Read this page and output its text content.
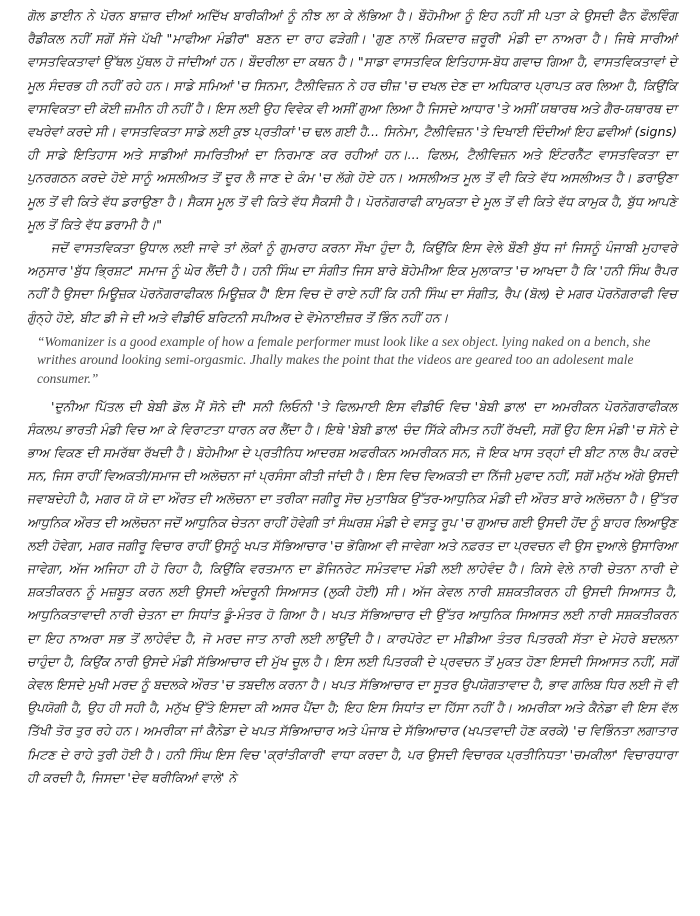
ਗੋਲ ਡਾਈਨ ਨੇ ਪੋਰਨ ਬਾਜ਼ਾਰ ਦੀਆਂ ਅਦਿੱਖ ਬਾਰੀਕੀਆਂ ਨੂੰ ਨੀਝ ਲਾ ਕੇ ਲੱਭਿਆ ਹੈ। ਬੌਹੋਮੀਆ ਨੂੰ ਇਹ ਨਹੀਂ ਸੀ ਪਤਾ ਕੇ ਉਸਦੀ ਫੈਨ ਫੌਲਵਿੰਗ ਰੈਡੀਕਲ ਨਹੀਂ ਸਗੋਂ ਸੱਜੇ ਪੱਖੀ "ਮਾਫੀਆ ਮੰਡੀਰ" ਬਣਨ ਦਾ ਰਾਹ ਫੜੇਗੀ। 'ਗੁਣ ਨਾਲੋਂ ਮਿਕਦਾਰ ਜ਼ਰੂਰੀ' ਮੰਡੀ ਦਾ ਨਾਅਰਾ ਹੈ। ਜਿਥੇ ਸਾਰੀਆਂ ਵਾਸਤਵਿਕਤਾਵਾਂ ਉੱਥਲ ਪੁੱਥਲ ਹੋ ਜਾਂਦੀਆਂ ਹਨ। ਬੌਦਰੀਲਾ ਦਾ ਕਥਨ ਹੈ। "ਸਾਡਾ ਵਾਸਤਵਿਕ ਇਤਿਹਾਸ-ਬੋਧ ਗਵਾਚ ਗਿਆ ਹੈ, ਵਾਸਤਵਿਕਤਾਵਾਂ ਦੇ ਮੂਲ ਸੰਦਰਭ ਹੀ ਨਹੀਂ ਰਹੇ ਹਨ। ਸਾਡੇ ਸਮਿਆਂ 'ਚ ਸਿਨਮਾ, ਟੈਲੀਵਿਜ਼ਨ ਨੇ ਹਰ ਚੀਜ਼ 'ਚ ਦਖਲ ਦੇਣ ਦਾ ਅਧਿਕਾਰ ਪ੍ਰਾਪਤ ਕਰ ਲਿਆ ਹੈ, ਕਿਉਂਕਿ ਵਾਸਵਿਕਤਾ ਦੀ ਕੋਈ ਜ਼ਮੀਨ ਹੀ ਨਹੀਂ ਹੈ। ਇਸ ਲਈ ਉਹ ਵਿਵੇਕ ਵੀ ਅਸੀਂ ਗੁਆ ਲਿਆ ਹੈ ਜਿਸਦੇ ਆਧਾਰ 'ਤੇ ਅਸੀਂ ਯਥਾਰਥ ਅਤੇ ਗੈਰ-ਯਥਾਰਥ ਦਾ ਵਖਰੇਵਾਂ ਕਰਦੇ ਸੀ। ਵਾਸਤਵਿਕਤਾ ਸਾਡੇ ਲਈ ਕੁਝ ਪ੍ਰਤੀਕਾਂ 'ਚ ਢਲ ਗਈ ਹੈ... ਸਿਨੇਮਾ, ਟੈਲੀਵਿਜ਼ਨ 'ਤੇ ਦਿਖਾਈ ਦਿੰਦੀਆਂ ਇਹ ਛਵੀਆਂ (signs) ਹੀ ਸਾਡੇ ਇਤਿਹਾਸ ਅਤੇ ਸਾਡੀਆਂ ਸਮਰਿਤੀਆਂ ਦਾ ਨਿਰਮਾਣ ਕਰ ਰਹੀਆਂ ਹਨ।... ਫਿਲਮ, ਟੈਲੀਵਿਜ਼ਨ ਅਤੇ ਇੰਟਰਨੈੱਟ ਵਾਸਤਵਿਕਤਾ ਦਾ ਪੁਨਰਗਠਨ ਕਰਦੇ ਹੋਏ ਸਾਨੂੰ ਅਸਲੀਅਤ ਤੋਂ ਦੂਰ ਲੈ ਜਾਣ ਦੇ ਕੰਮ 'ਚ ਲੱਗੇ ਹੋਏ ਹਨ। ਅਸਲੀਅਤ ਮੂਲ ਤੋਂ ਵੀ ਕਿਤੇ ਵੱਧ ਅਸਲੀਅਤ ਹੈ। ਡਰਾਉਣਾ ਮੂਲ ਤੋਂ ਵੀ ਕਿਤੇ ਵੱਧ ਡਰਾਉਣਾ ਹੈ। ਸੈਕਸ ਮੂਲ ਤੋਂ ਵੀ ਕਿਤੇ ਵੱਧ ਸੈਕਸੀ ਹੈ। ਪੋਰਨੋਗਰਾਫੀ ਕਾਮੁਕਤਾ ਦੇ ਮੂਲ ਤੋਂ ਵੀ ਕਿਤੇ ਵੱਧ ਕਾਮੁਕ ਹੈ, ਬੁੱਧ ਆਪਣੇ ਮੂਲ ਤੋਂ ਕਿਤੇ ਵੱਧ ਡਰਾਮੀ ਹੈ।"

ਜਦੋਂ ਵਾਸਤਵਿਕਤਾ ਉਧਾਲ ਲਈ ਜਾਵੇ ਤਾਂ ਲੋਕਾਂ ਨੂੰ ਗੁਮਰਾਹ ਕਰਨਾ ਸੌਖਾ ਹੁੰਦਾ ਹੈ, ਕਿਉਂਕਿ ਇਸ ਵੇਲੇ ਬੌਣੀ ਬੁੱਧ ਜਾਂ ਜਿਸਨੂੰ ਪੰਜਾਬੀ ਮੁਹਾਵਰੇ ਅਨੁਸਾਰ 'ਬੁੱਧ ਭ੍ਰਿਸ਼ਟ' ਸਮਾਜ ਨੂੰ ਘੇਰ ਲੈਂਦੀ ਹੈ। ਹਨੀ ਸਿੰਘ ਦਾ ਸੰਗੀਤ ਜਿਸ ਬਾਰੇ ਬੋਹੇਮੀਆ ਇਕ ਮੁਲਾਕਾਤ 'ਚ ਆਖਦਾ ਹੈ ਕਿ 'ਹਨੀ ਸਿੰਘ ਰੈਪਰ ਨਹੀਂ ਹੈ ਉਸਦਾ ਮਿਊਜ਼ਕ ਪੋਰਨੋਗਰਾਫੀਕਲ ਮਿਊਜ਼ਕ ਹੈ' ਇਸ ਵਿਚ ਦੋ ਰਾਏ ਨਹੀਂ ਕਿ ਹਨੀ ਸਿੰਘ ਦਾ ਸੰਗੀਤ, ਰੈਪ (ਬੋਲ) ਦੇ ਮਗਰ ਪੋਰਨੋਗਰਾਫੀ ਵਿਚ ਗੁੰਨ੍ਹੇ ਹੋਏ, ਬੀਟ ਡੀ ਜੇ ਦੀ ਅਤੇ ਵੀਡੀਓ ਬਰਿਟਨੀ ਸਪੀਅਰ ਦੇ ਵੋਮੇਨਾਈਜ਼ਰ ਤੋਂ ਭਿੰਨ ਨਹੀਂ ਹਨ।

“Womanizer is a good example of how a female performer must look like a sex object. lying naked on a bench, she writhes around looking semi-orgasmic. Jhally makes the point that the videos are geared too an adolesent male consumer.”

'ਦੁਨੀਆ ਪਿੱਤਲ ਦੀ ਬੇਬੀ ਡੋਲ ਮੈਂ ਸੋਨੇ ਦੀ' ਸਨੀ ਲਿਓਨੀ 'ਤੇ ਫਿਲਮਾਈ ਇਸ ਵੀਡੀਓ ਵਿਚ 'ਬੇਬੀ ਡਾਲ' ਦਾ ਅਮਰੀਕਨ ਪੋਰਨੋਗਰਾਫੀਕਲ ਸੰਕਲਪ ਭਾਰਤੀ ਮੰਡੀ ਵਿਚ ਆ ਕੇ ਵਿਰਾਟਤਾ ਧਾਰਨ ਕਰ ਲੈਂਦਾ ਹੈ। ਇਥੇ 'ਬੇਬੀ ਡਾਲ' ਚੰਦ ਸਿੱਕੇ ਕੀਮਤ ਨਹੀਂ ਰੱਖਦੀ, ਸਗੋਂ ਉਹ ਇਸ ਮੰਡੀ 'ਚ ਸੋਨੇ ਦੇ ਭਾਅ ਵਿਕਣ ਦੀ ਸਮਰੱਥਾ ਰੱਖਦੀ ਹੈ। ਬੋਹੇਮੀਆ ਦੇ ਪ੍ਰਤੀਨਿਧ ਆਦਰਸ਼ ਅਫਰੀਕਨ ਅਮਰੀਕਨ ਸਨ, ਜੋ ਇਕ ਖਾਸ ਤਰ੍ਹਾਂ ਦੀ ਬੀਟ ਨਾਲ ਰੈਪ ਕਰਦੇ ਸਨ, ਜਿਸ ਰਾਹੀਂ ਵਿਅਕਤੀ/ਸਮਾਜ ਦੀ ਅਲੋਚਨਾ ਜਾਂ ਪ੍ਰਸੰਸਾ ਕੀਤੀ ਜਾਂਦੀ ਹੈ। ਇਸ ਵਿਚ ਵਿਅਕਤੀ ਦਾ ਨਿੱਜੀ ਮੁਫਾਦ ਨਹੀਂ, ਸਗੋਂ ਮਨੁੱਖ ਅੱਗੇ ਉਸਦੀ ਜਵਾਬਦੇਹੀ ਹੈ, ਮਗਰ ਯੋ ਯੋ ਦਾ ਔਰਤ ਦੀ ਅਲੋਚਨਾ ਦਾ ਤਰੀਕਾ ਜਗੀਰੂ ਸੋਚ ਮੁਤਾਬਿਕ ਉੱਤਰ-ਆਧੁਨਿਕ ਮੰਡੀ ਦੀ ਔਰਤ ਬਾਰੇ ਅਲੋਚਨਾ ਹੈ। ਉੱਤਰ ਆਧੁਨਿਕ ਔਰਤ ਦੀ ਅਲੋਚਨਾ ਜਦੋਂ ਆਧੁਨਿਕ ਚੇਤਨਾ ਰਾਹੀਂ ਹੋਵੇਗੀ ਤਾਂ ਸੰਘਰਸ਼ ਮੰਡੀ ਦੇ ਵਸਤੂ ਰੂਪ 'ਚ ਗੁਆਚ ਗਈ ਉਸਦੀ ਹੋਂਦ ਨੂੰ ਬਾਹਰ ਲਿਆਉਣ ਲਈ ਹੋਵੇਗਾ, ਮਗਰ ਜਗੀਰੂ ਵਿਚਾਰ ਰਾਹੀਂ ਉਸਨੂੰ ਖਪਤ ਸੱਭਿਆਚਾਰ 'ਚ ਭੋਗਿਆ ਵੀ ਜਾਵੇਗਾ ਅਤੇ ਨਫ਼ਰਤ ਦਾ ਪ੍ਰਵਚਨ ਵੀ ਉਸ ਦੁਆਲੇ ਉਸਾਰਿਆ ਜਾਵੇਗਾ, ਅੱਜ ਅਜਿਹਾ ਹੀ ਹੋ ਰਿਹਾ ਹੈ, ਕਿਉਂਕਿ ਵਰਤਮਾਨ ਦਾ ਡੋਜਿਨਰੇਟ ਸਮੰਤਵਾਦ ਮੰਡੀ ਲਈ ਲਾਹੇਵੰਦ ਹੈ। ਕਿਸੇ ਵੇਲੇ ਨਾਰੀ ਚੇਤਨਾ ਨਾਰੀ ਦੇ ਸ਼ਕਤੀਕਰਨ ਨੂੰ ਮਜ਼ਬੂਤ ਕਰਨ ਲਈ ਉਸਦੀ ਅੰਦਰੂਨੀ ਸਿਆਸਤ (ਲੁਕੀ ਹੋਈ) ਸੀ। ਅੱਜ ਕੇਵਲ ਨਾਰੀ ਸ਼ਸ਼ਕਤੀਕਰਨ ਹੀ ਉਸਦੀ ਸਿਆਸਤ ਹੈ, ਆਧੁਨਿਕਤਾਵਾਦੀ ਨਾਰੀ ਚੇਤਨਾ ਦਾ ਸਿਧਾਂਤ ਡੂੰ-ਮੰਤਰ ਹੋ ਗਿਆ ਹੈ। ਖਪਤ ਸੱਭਿਆਚਾਰ ਦੀ ਉੱਤਰ ਆਧੁਨਿਕ ਸਿਆਸਤ ਲਈ ਨਾਰੀ ਸਸ਼ਕਤੀਕਰਨ ਦਾ ਇਹ ਨਾਅਰਾ ਸਭ ਤੋਂ ਲਾਹੇਵੰਦ ਹੈ, ਜੋ ਮਰਦ ਜਾਤ ਨਾਰੀ ਲਈ ਲਾਉਂਦੀ ਹੈ। ਕਾਰਪੋਰੇਟ ਦਾ ਮੀਡੀਆ ਤੰਤਰ ਪਿਤਰਕੀ ਸੱਤਾ ਦੇ ਮੋਹਰੇ ਬਦਲਨਾ ਚਾਹੁੰਦਾ ਹੈ, ਕਿਉਂਕ ਨਾਰੀ ਉਸਦੇ ਮੰਡੀ ਸੱਭਿਆਚਾਰ ਦੀ ਮੁੱਖ ਚੂਲ ਹੈ। ਇਸ ਲਈ ਪਿਤਰਕੀ ਦੇ ਪ੍ਰਵਚਨ ਤੋਂ ਮੁਕਤ ਹੋਣਾ ਇਸਦੀ ਸਿਆਸਤ ਨਹੀਂ, ਸਗੋਂ ਕੇਵਲ ਇਸਦੇ ਮੁਖੀ ਮਰਦ ਨੂੰ ਬਦਲਕੇ ਔਰਤ 'ਚ ਤਬਦੀਲ ਕਰਨਾ ਹੈ। ਖਪਤ ਸੱਭਿਆਚਾਰ ਦਾ ਸੂਤਰ ਉਪਯੋਗਤਾਵਾਦ ਹੈ, ਭਾਵ ਗਲਿਬ ਧਿਰ ਲਈ ਜੋ ਵੀ ਉਪਯੋਗੀ ਹੈ, ਉਹ ਹੀ ਸਹੀ ਹੈ, ਮਨੁੱਖ ਉੱਤੇ ਇਸਦਾ ਕੀ ਅਸਰ ਪੈਂਦਾ ਹੈ; ਇਹ ਇਸ ਸਿਧਾਂਤ ਦਾ ਹਿੱਸਾ ਨਹੀਂ ਹੈ। ਅਮਰੀਕਾ ਅਤੇ ਕੈਨੇਡਾ ਵੀ ਇਸ ਵੱਲ ਤਿੱਖੀ ਤੋਰ ਤੁਰ ਰਹੇ ਹਨ। ਅਮਰੀਕਾ ਜਾਂ ਕੈਨੇਡਾ ਦੇ ਖਪਤ ਸੱਭਿਆਚਾਰ ਅਤੇ ਪੰਜਾਬ ਦੇ ਸੱਭਿਆਚਾਰ (ਖਪਤਵਾਦੀ ਹੋਣ ਕਰਕੇ) 'ਚ ਵਿਭਿੰਨਤਾ ਲਗਾਤਾਰ ਮਿਟਣ ਦੇ ਰਾਹੇ ਤੁਰੀ ਹੋਈ ਹੈ। ਹਨੀ ਸਿੰਘ ਇਸ ਵਿਚ 'ਕ੍ਰਾਂਤੀਕਾਰੀ' ਵਾਧਾ ਕਰਦਾ ਹੈ, ਪਰ ਉਸਦੀ ਵਿਚਾਰਕ ਪ੍ਰਤੀਨਿਧਤਾ 'ਚਮਕੀਲਾ' ਵਿਚਾਰਧਾਰਾ ਹੀ ਕਰਦੀ ਹੈ, ਜਿਸਦਾ 'ਦੇਵ ਥਰੀਕਿਆਂ ਵਾਲੇ' ਨੇ
